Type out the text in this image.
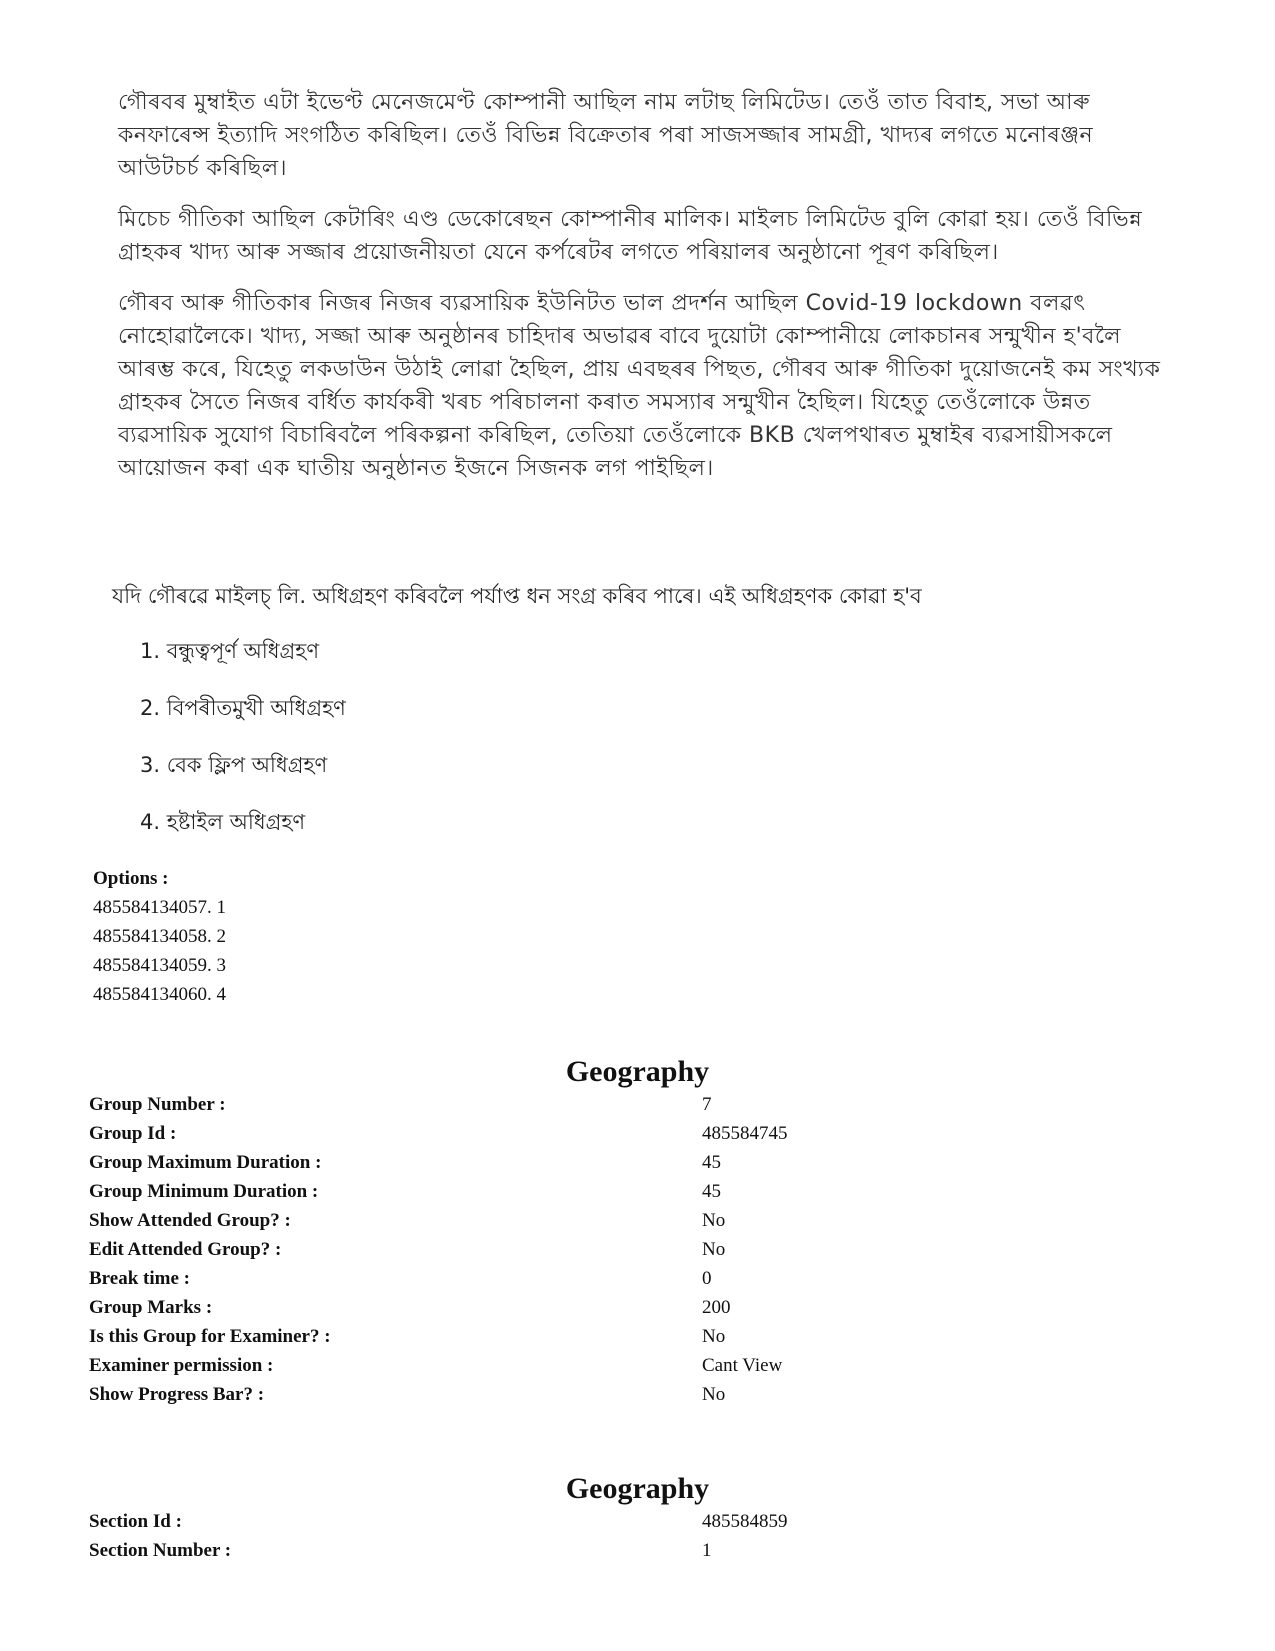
গৌৰবৰ মুম্বাইত এটা ইভেণ্ট মেনেজমেণ্ট কোম্পানী আছিল নাম লটাছ লিমিটেড। তেওঁ তাত বিবাহ, সভা আৰু কনফাৰেন্স ইত্যাদি সংগঠিত কৰিছিল। তেওঁ বিভিন্ন বিক্ৰেতাৰ পৰা সাজসজ্জাৰ সামগ্ৰী, খাদ্যৰ লগতে মনোৰঞ্জন আউটচৰ্চ কৰিছিল।

মিচেচ গীতিকা আছিল কেটাৰিং এণ্ড ডেকোৰেছন কোম্পানীৰ মালিক। মাইলচ লিমিটেড বুলি কোৱা হয়। তেওঁ বিভিন্ন গ্ৰাহকৰ খাদ্য আৰু সজ্জাৰ প্ৰয়োজনীয়তা যেনে কৰ্পৰেটৰ লগতে পৰিয়ালৰ অনুষ্ঠানো পূৰণ কৰিছিল।

গৌৰব আৰু গীতিকাৰ নিজৰ নিজৰ ব্যৱসায়িক ইউনিটত ভাল প্ৰদৰ্শন আছিল Covid-19 lockdown বলৱৎ নোহোৱালৈকে। খাদ্য, সজ্জা আৰু অনুষ্ঠানৰ চাহিদাৰ অভাৱৰ বাবে দুয়োটা কোম্পানীয়ে লোকচানৰ সন্মুখীন হ'বলৈ আৰম্ভ কৰে, যিহেতু লকডাউন উঠাই লোৱা হৈছিল, প্ৰায় এবছৰৰ পিছত, গৌৰব আৰু গীতিকা দুয়োজনেই কম সংখ্যক গ্ৰাহকৰ সৈতে নিজৰ বৰ্ধিত কাৰ্যকৰী খৰচ পৰিচালনা কৰাত সমস্যাৰ সন্মুখীন হৈছিল। যিহেতু তেওঁলোকে উন্নত ব্যৱসায়িক সুযোগ বিচাৰিবলৈ পৰিকল্পনা কৰিছিল, তেতিয়া তেওঁলোকে BKB খেলপথাৰত মুম্বাইৰ ব্যৱসায়ীসকলে আয়োজন কৰা এক ঘাতীয় অনুষ্ঠানত ইজনে সিজনক লগ পাইছিল।

যদি গৌৰৱে মাইলচ্ লি. অধিগ্ৰহণ কৰিবলৈ পৰ্যাপ্ত ধন সংগ্ৰ কৰিব পাৰে। এই অধিগ্ৰহণক কোৱা হ'ব
1. বন্ধুত্বপূৰ্ণ অধিগ্ৰহণ
2. বিপৰীতমুখী অধিগ্ৰহণ
3. বেক ফ্লিপ অধিগ্ৰহণ
4. হষ্টাইল অধিগ্ৰহণ
Options :
485584134057. 1
485584134058. 2
485584134059. 3
485584134060. 4
Geography
Group Number :	7
Group Id :	485584745
Group Maximum Duration :	45
Group Minimum Duration :	45
Show Attended Group? :	No
Edit Attended Group? :	No
Break time :	0
Group Marks :	200
Is this Group for Examiner? :	No
Examiner permission :	Cant View
Show Progress Bar? :	No
Geography
Section Id :	485584859
Section Number :	1
